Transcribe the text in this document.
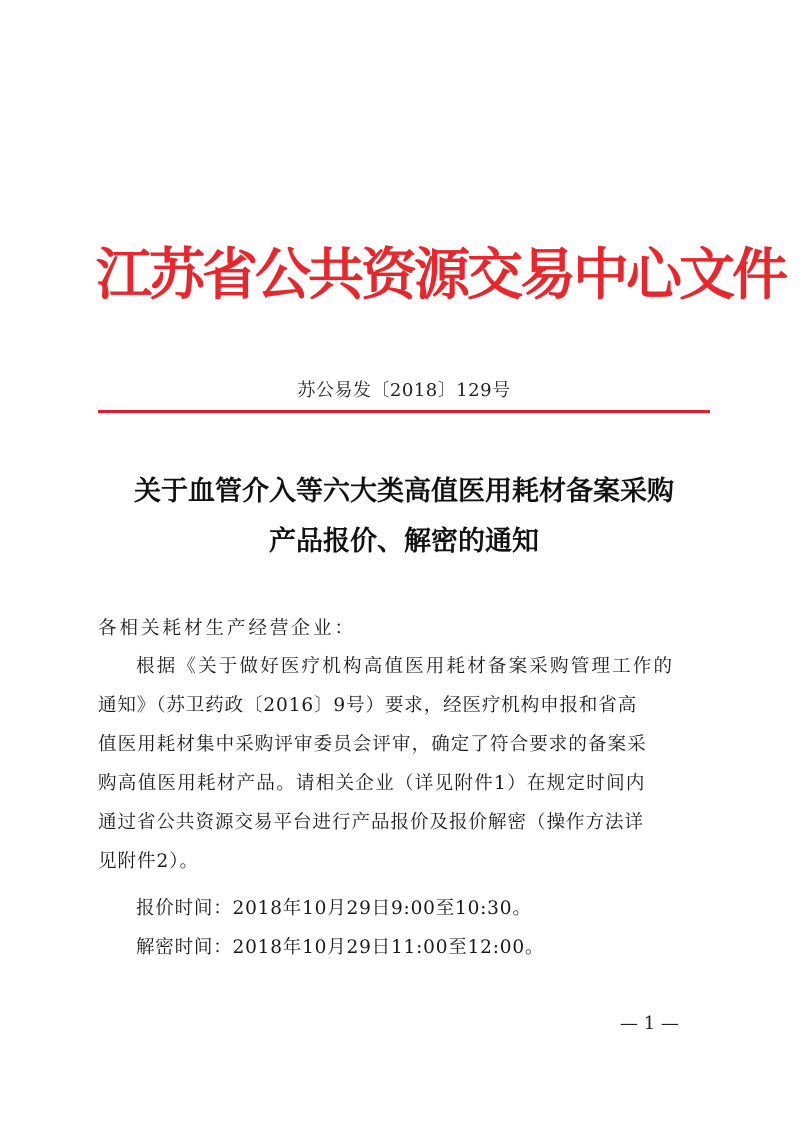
江苏省公共资源交易中心文件
苏公易发〔2018〕129号
关于血管介入等六大类高值医用耗材备案采购
产品报价、解密的通知
各相关耗材生产经营企业：
根据《关于做好医疗机构高值医用耗材备案采购管理工作的
通知》（苏卫药政〔2016〕9号）要求，经医疗机构申报和省高
值医用耗材集中采购评审委员会评审，确定了符合要求的备案采
购高值医用耗材产品。请相关企业（详见附件1）在规定时间内
通过省公共资源交易平台进行产品报价及报价解密（操作方法详
见附件2）。
报价时间：2018年10月29日9:00至10:30。
解密时间：2018年10月29日11:00至12:00。
— 1 —
